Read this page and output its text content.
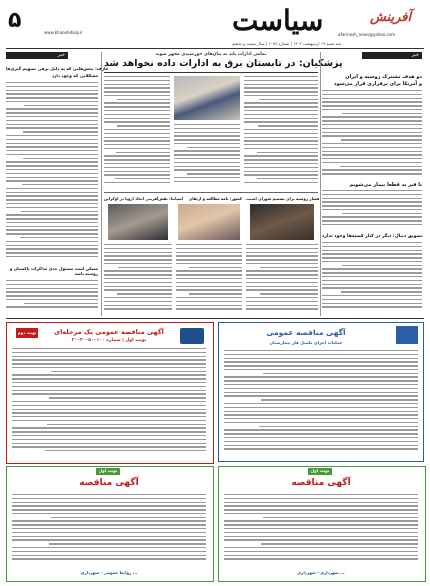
۵	www.khanehdaily.ir	سیاست	آفرینش
afarinesh_news@yahoo.com
سه شنبه ۱۹ اردیبهشت ۱۴۰۲ | شماره ۶۰۷۷ | سال بیست و ششم
خبر
دو هدف مشترک روسیه و ایران
و آمریکا برای برقراری قرار می‌شود
با قیر بد قطعا بیمار می‌شویم
تشویق دنیال: دیگر در کنار کشته‌ها وجود ندارد
خبر
عارف: بخش‌هایی که به دلیل برقی تسهیم گیری‌ها
مشکلاتی که وجود دارد
مسکن است مسئول جدی مذاکرات پاکستان و روسیه باشد
تمامی ادارات باید به بیان‌های خورشیدی مجهز شوند
پزشکیان: در تابستان برق به ادارات داده نخواهد شد
فشار روسیه برای تصمیم شورای امنیت
کشور: نامه مطالعه و ارتقای
اسپانیا: نقش‌آفرینی اتحاد اروپا در اوکراین
نوبت دوم	آگهی مناقصه عمومی یک مرحله‌ای
نوبت اول | شماره ۲۰۰۲۰۰۵۰۰۱۰۰
آگهی مناقصه عمومی
عملیات اجرای تکمیل فاز بیمارستان
نوبت اول
آگهی مناقصه
روابط عمومی - شهرداری ...
نوبت اول
آگهی مناقصه
شهرداری - شهرداری ...
